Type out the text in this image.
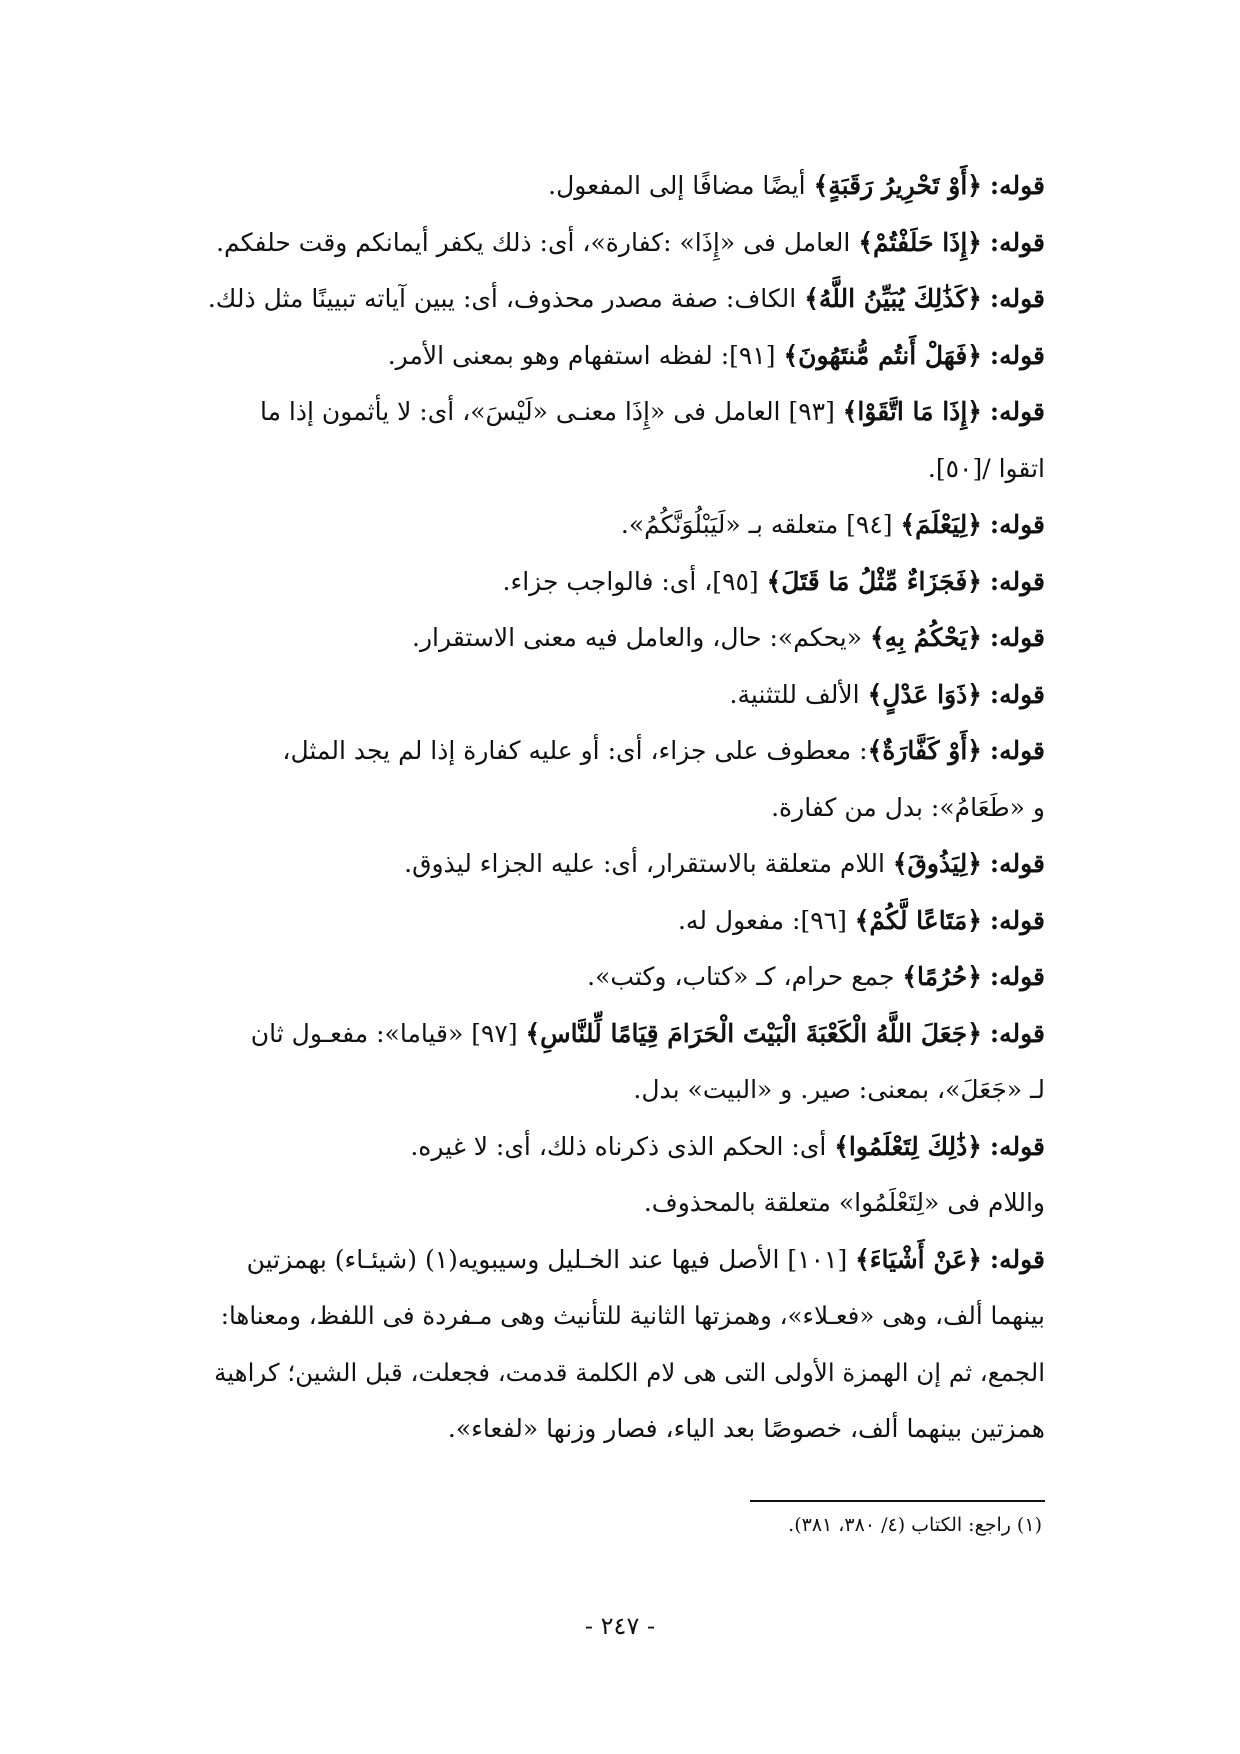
قوله: ﴿أَوْ تَحْرِيرُ رَقَبَةٍ﴾ أيضًا مضافًا إلى المفعول.
قوله: ﴿إِذَا حَلَفْتُمْ﴾ العامل فى «إِذَا» :كفارة»، أى: ذلك يكفر أيمانكم وقت حلفكم.
قوله: ﴿كَذَٰلِكَ يُبَيِّنُ اللَّهُ﴾ الكاف: صفة مصدر محذوف، أى: يبين آياته تبيينًا مثل ذلك.
قوله: ﴿فَهَلْ أَنتُم مُّنتَهُونَ﴾ [٩١]: لفظه استفهام وهو بمعنى الأمر.
قوله: ﴿إِذَا مَا اتَّقَوْا﴾ [٩٣] العامل فى «إِذَا معنـى «لَيْسَ»، أى: لا يأثمون إذا ما
اتقوا /[٥٠].
قوله: ﴿لِيَعْلَمَ﴾ [٩٤] متعلقه بـ «لَيَبْلُوَنَّكُمُ».
قوله: ﴿فَجَزَاءٌ مِّثْلُ مَا قَتَلَ﴾ [٩٥]، أى: فالواجب جزاء.
قوله: ﴿يَحْكُمُ بِهِ﴾ «يحكم»: حال، والعامل فيه معنى الاستقرار.
قوله: ﴿ذَوَا عَدْلٍ﴾ الألف للتثنية.
قوله: ﴿أَوْ كَفَّارَةٌ﴾: معطوف على جزاء، أى: أو عليه كفارة إذا لم يجد المثل،
و «طَعَامُ»: بدل من كفارة.
قوله: ﴿لِيَذُوقَ﴾ اللام متعلقة بالاستقرار، أى: عليه الجزاء ليذوق.
قوله: ﴿مَتَاعًا لَّكُمْ﴾ [٩٦]: مفعول له.
قوله: ﴿حُرُمًا﴾ جمع حرام، كـ «كتاب، وكتب».
قوله: ﴿جَعَلَ اللَّهُ الْكَعْبَةَ الْبَيْتَ الْحَرَامَ قِيَامًا لِّلنَّاسِ﴾ [٩٧] «قياما»: مفعـول ثان
لـ «جَعَلَ»، بمعنى: صير. و «البيت» بدل.
قوله: ﴿ذَٰلِكَ لِتَعْلَمُوا﴾ أى: الحكم الذى ذكرناه ذلك، أى: لا غيره.
واللام فى «لِتَعْلَمُوا» متعلقة بالمحذوف.
قوله: ﴿عَنْ أَشْيَاءَ﴾ [١٠١] الأصل فيها عند الخـليل وسيبويه(١) (شيئـاء) بهمزتين
بينهما ألف، وهى «فعـلاء»، وهمزتها الثانية للتأنيث وهى مـفردة فى اللفظ، ومعناها:
الجمع، ثم إن الهمزة الأولى التى هى لام الكلمة قدمت، فجعلت، قبل الشين؛ كراهية
همزتين بينهما ألف، خصوصًا بعد الياء، فصار وزنها «لفعاء».
(١) راجع: الكتاب (٤/ ٣٨٠، ٣٨١).
- ٢٤٧ -
